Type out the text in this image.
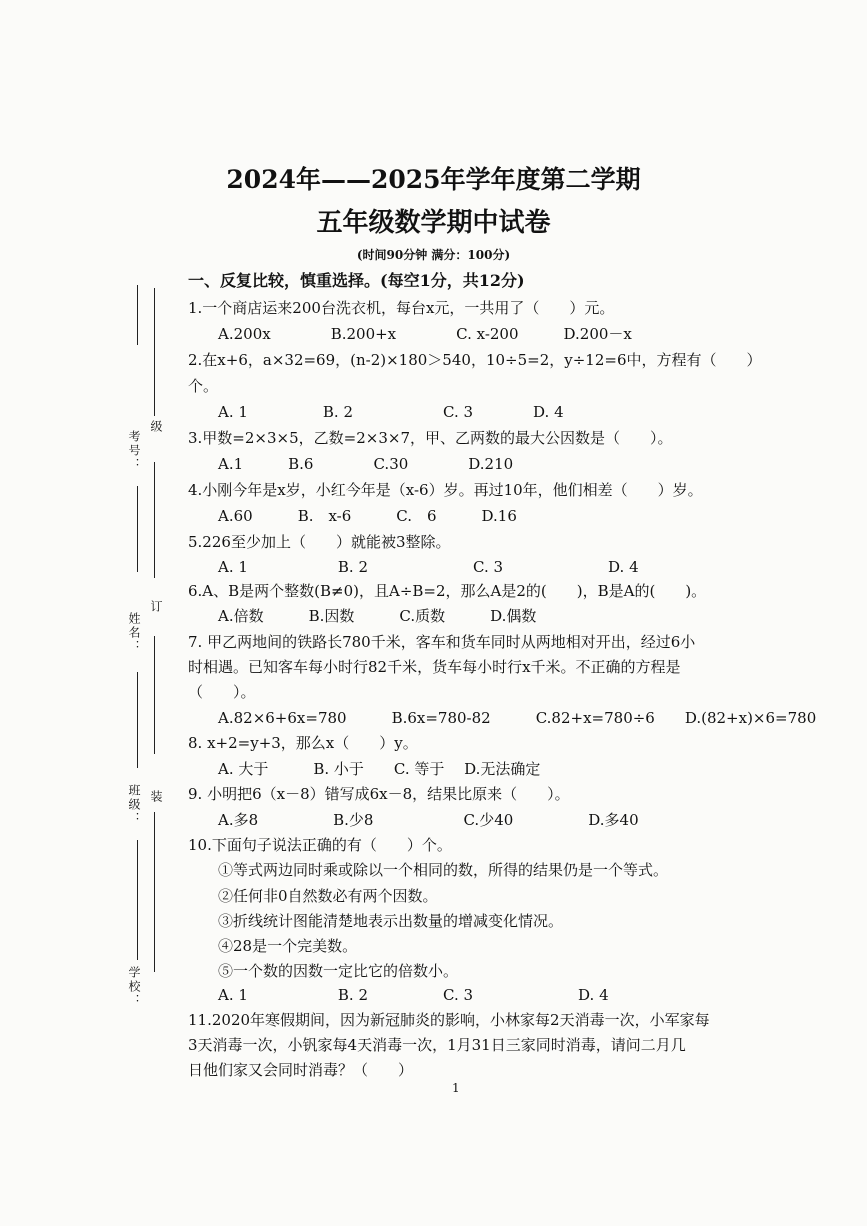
2024年——2025年学年度第二学期
五年级数学期中试卷
(时间90分钟 满分：100分)
考号：
级
姓名：
订
班级： 装
学校：
一、反复比较，慎重选择。(每空1分，共12分)
1.一个商店运来200台洗衣机，每台x元，一共用了（　　）元。
A.200x　　　　B.200+x　　　　C. x-200　　　D.200－x
2.在x+6，a×32=69，(n-2)×180＞540，10÷5=2，y÷12=6中，方程有（　　）
个。
A. 1　　　　　B. 2　　　　　　C. 3　　　　D. 4
3.甲数=2×3×5，乙数=2×3×7，甲、乙两数的最大公因数是（　　）。
A.1　　　B.6　　　　C.30　　　　D.210
4.小刚今年是x岁，小红今年是（x-6）岁。再过10年，他们相差（　　）岁。
A.60　　　B.　x-6　　　C.　6　　　D.16
5.226至少加上（　　）就能被3整除。
A. 1　　　　　　B. 2　　　　　　　C. 3　　　　　　　D. 4
6.A、B是两个整数(B≠0)，且A÷B=2，那么A是2的(　　)，B是A的(　　)。
A.倍数　　　B.因数　　　C.质数　　　D.偶数
7. 甲乙两地间的铁路长780千米，客车和货车同时从两地相对开出，经过6小
时相遇。已知客车每小时行82千米，货车每小时行x千米。不正确的方程是
（　　）。
A.82×6+6x=780　　　B.6x=780-82　　　C.82+x=780÷6　　D.(82+x)×6=780
8. x+2=y+3，那么x（　　）y。
A. 大于　　　B. 小于　　C. 等于　 D.无法确定
9. 小明把6（x－8）错写成6x－8，结果比原来（　　）。
A.多8　　　　　B.少8　　　　　　C.少40　　　　　D.多40
10.下面句子说法正确的有（　　）个。
①等式两边同时乘或除以一个相同的数，所得的结果仍是一个等式。
②任何非0自然数必有两个因数。
③折线统计图能清楚地表示出数量的增减变化情况。
④28是一个完美数。
⑤一个数的因数一定比它的倍数小。
A. 1　　　　　　B. 2　　　　　C. 3　　　　　　　D. 4
11.2020年寒假期间，因为新冠肺炎的影响，小林家每2天消毒一次，小军家每
3天消毒一次，小钒家每4天消毒一次，1月31日三家同时消毒，请问二月几
日他们家又会同时消毒？（　　）
1
